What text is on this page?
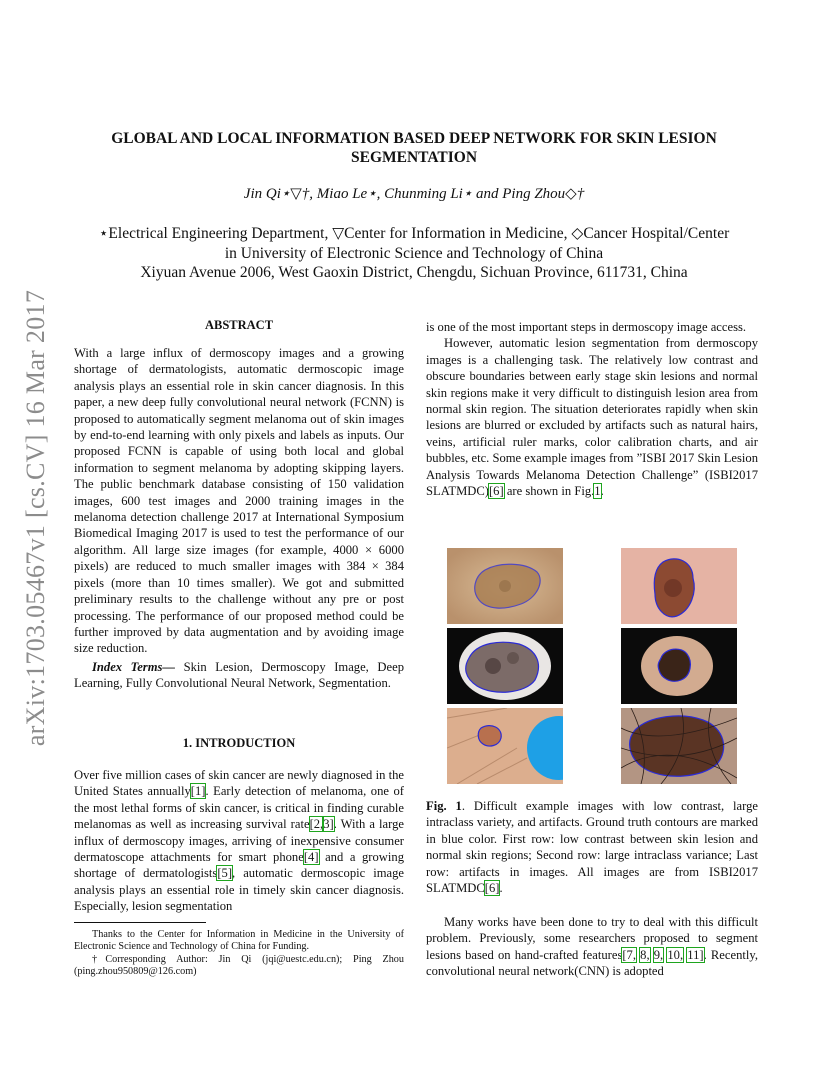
arXiv:1703.05467v1 [cs.CV] 16 Mar 2017
GLOBAL AND LOCAL INFORMATION BASED DEEP NETWORK FOR SKIN LESION
SEGMENTATION
Jin Qi⋆▽†, Miao Le⋆, Chunming Li⋆ and Ping Zhou◇†
⋆Electrical Engineering Department, ▽Center for Information in Medicine, ◇Cancer Hospital/Center
in University of Electronic Science and Technology of China
Xiyuan Avenue 2006, West Gaoxin District, Chengdu, Sichuan Province, 611731, China
ABSTRACT

With a large influx of dermoscopy images and a growing shortage of dermatologists, automatic dermoscopic image analysis plays an essential role in skin cancer diagnosis. In this paper, a new deep fully convolutional neural network (FCNN) is proposed to automatically segment melanoma out of skin images by end-to-end learning with only pixels and labels as inputs. Our proposed FCNN is capable of using both local and global information to segment melanoma by adopting skipping layers. The public benchmark database consisting of 150 validation images, 600 test images and 2000 training images in the melanoma detection challenge 2017 at International Symposium Biomedical Imaging 2017 is used to test the performance of our algorithm. All large size images (for example, 4000 × 6000 pixels) are reduced to much smaller images with 384 × 384 pixels (more than 10 times smaller). We got and submitted preliminary results to the challenge without any pre or post processing. The performance of our proposed method could be further improved by data augmentation and by avoiding image size reduction.

Index Terms— Skin Lesion, Dermoscopy Image, Deep Learning, Fully Convolutional Neural Network, Segmentation.

1. INTRODUCTION

Over five million cases of skin cancer are newly diagnosed in the United States annually[1]. Early detection of melanoma, one of the most lethal forms of skin cancer, is critical in finding curable melanomas as well as increasing survival rate[2,3]. With a large influx of dermoscopy images, arriving of inexpensive consumer dermatoscope attachments for smart phone[4] and a growing shortage of dermatologists[5], automatic dermoscopic image analysis plays an essential role in timely skin cancer diagnosis. Especially, lesion segmentation

Thanks to the Center for Information in Medicine in the University of Electronic Science and Technology of China for Funding.

†Corresponding Author: Jin Qi (jqi@uestc.edu.cn); Ping Zhou (ping.zhou950809@126.com)

is one of the most important steps in dermoscopy image access.

However, automatic lesion segmentation from dermoscopy images is a challenging task. The relatively low contrast and obscure boundaries between early stage skin lesions and normal skin regions make it very difficult to distinguish lesion area from normal skin region. The situation deteriorates rapidly when skin lesions are blurred or excluded by artifacts such as natural hairs, veins, artificial ruler marks, color calibration charts, and air bubbles, etc. Some example images from ”ISBI 2017 Skin Lesion Analysis Towards Melanoma Detection Challenge” (ISBI2017 SLATMDC)[6] are shown in Fig.1.

Fig. 1. Difficult example images with low contrast, large intraclass variety, and artifacts. Ground truth contours are marked in blue color. First row: low contrast between skin lesion and normal skin regions; Second row: large intraclass variance; Last row: artifacts in images. All images are from ISBI2017 SLATMDC[6].

Many works have been done to try to deal with this difficult problem. Previously, some researchers proposed to segment lesions based on hand-crafted features[7, 8, 9, 10, 11]. Recently, convolutional neural network(CNN) is adopted
